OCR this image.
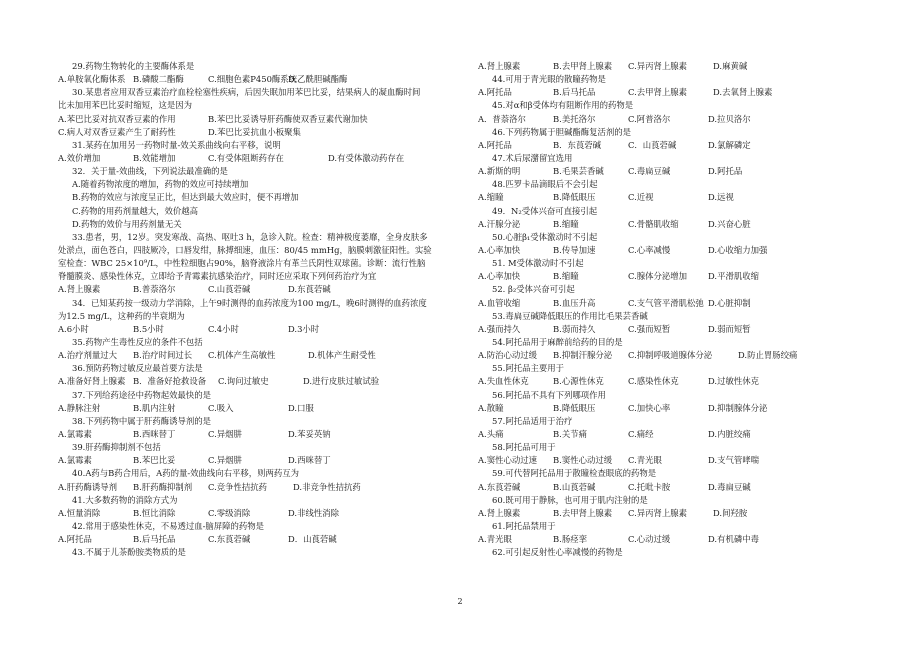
29.药物生物转化的主要酶体系是
A.单胺氧化酶体系 B.磷酸二酯酶	C.细胞色素P450酶系统
D.乙酰胆碱酯酶
30.某患者应用双香豆素治疗血栓栓塞性疾病，后因失眠加用苯巴比妥，结果病人的凝血酶时间
比未加用苯巴比妥时缩短，这是因为
A.苯巴比妥对抗双香豆素的作用	B.苯巴比妥诱导肝药酶使双香豆素代谢加快
C.病人对双香豆素产生了耐药性	D.苯巴比妥抗血小板聚集
31.某药在加用另一药物时量-效关系曲线向右平移，说明
A.效价增加	B.效能增加	C.有受体阻断药存在	D.有受体激动药存在
32．关于量-效曲线，下列说法最准确的是
A.随着药物浓度的增加，药物的效应可持续增加
B.药物的效应与浓度呈正比，但达到最大效应时，便不再增加
C.药物的用药剂量越大，效价越高
D.药物的效价与用药剂量无关
33.患者，男，12岁。突发寒战、高热、呕吐3 h，急诊入院。检查：精神极度萎靡，全身皮肤多
处淤点，面色苍白，四肢厥冷，口唇发绀，脉搏细速，血压：80/45 mmHg，脑膜刺激征阳性。实验
室检查：WBC 25×10⁹/L，中性粒细胞占90%，脑脊液涂片有革兰氏阴性双球菌。诊断：流行性脑
脊髓膜炎、感染性休克，立即给予青霉素抗感染治疗，同时还应采取下列何药治疗为宜
A.肾上腺素	B.普萘洛尔	C.山莨菪碱	D.东莨菪碱
34．已知某药按一级动力学消除，上午9时测得的血药浓度为100 mg/L，晚6时测得的血药浓度
为12.5 mg/L，这种药的半衰期为
A.6小时	B.5小时	C.4小时	D.3小时
35.药物产生毒性反应的条件不包括
A.治疗剂量过大	B.治疗时间过长	C.机体产生高敏性	D.机体产生耐受性
36.预防药物过敏反应最首要方法是
A.准备好肾上腺素 B．准备好抢救设备	C.询问过敏史	D.进行皮肤过敏试验
37.下列给药途径中药物起效最快的是
A.静脉注射	B.肌内注射	C.吸入	D.口服
38.下列药物中属于肝药酶诱导剂的是
A.氯霉素	B.西咪替丁	C.异烟肼	D.苯妥英钠
39.肝药酶抑制剂不包括
A.氯霉素	B.苯巴比妥	C.异烟肼	D.西咪替丁
40.A药与B药合用后，A药的量-效曲线向右平移，则两药互为
A.肝药酶诱导剂	B.肝药酶抑制剂	C.竞争性拮抗药	D.非竞争性拮抗药
41.大多数药物的消除方式为
A.恒量消除	B.恒比消除	C.零级消除	D.非线性消除
42.常用于感染性休克，不易透过血-脑屏障的药物是
A.阿托品	B.后马托品	C.东莨菪碱	D．山莨菪碱
43.不属于儿茶酚胺类物质的是
A.肾上腺素	B.去甲肾上腺素	C.异丙肾上腺素	D.麻黄碱
44.可用于青光眼的散瞳药物是
A.阿托品	B.后马托品	C.去甲肾上腺素	D.去氧肾上腺素
45.对α和β受体均有阻断作用的药物是
A．普萘洛尔	B.美托洛尔	C.阿普洛尔	D.拉贝洛尔
46.下列药物属于胆碱酯酶复活剂的是
A.阿托品	B．东莨菪碱	C．山莨菪碱	D.氯解磷定
47.术后尿潴留宜选用
A.新斯的明	B.毛果芸香碱	C.毒扁豆碱	D.阿托品
48.匹罗卡品滴眼后不会引起
A.缩瞳	B.降低眼压	C.近视	D.远视
49．N₂受体兴奋可直接引起
A.汗腺分泌	B.缩瞳	C.骨骼肌收缩	D.兴奋心脏
50.心脏β₁受体激动时不引起
A.心率加快	B.传导加速	C.心率减慢	D.心收缩力加强
51. M受体激动时不引起
A.心率加快	B.缩瞳	C.腺体分泌增加	D.平滑肌收缩
52. β₂受体兴奋可引起
A.血管收缩	B.血压升高	C.支气管平滑肌松弛 D.心脏抑制
53.毒扁豆碱降低眼压的作用比毛果芸香碱
A.强而持久	B.弱而持久	C.强而短暂	D.弱而短暂
54.阿托品用于麻醉前给药的目的是
A.防治心动过缓	B.抑制汗腺分泌	C.抑制呼吸道腺体分泌	D.防止胃肠绞痛
55.阿托品主要用于
A.失血性休克	B.心源性休克	C.感染性休克	D.过敏性休克
56.阿托品不具有下列哪项作用
A.散瞳	B.降低眼压	C.加快心率	D.抑制腺体分泌
57.阿托品适用于治疗
A.头痛	B.关节痛	C.痛经	D.内脏绞痛
58.阿托品可用于
A.窦性心动过速	B.窦性心动过缓	C.青光眼	D.支气管哮喘
59.可代替阿托品用于散瞳检查眼底的药物是
A.东莨菪碱	B.山莨菪碱	C.托吡卡胺	D.毒扁豆碱
60.既可用于静脉，也可用于肌内注射的是
A.肾上腺素	B.去甲肾上腺素	C.异丙肾上腺素	D.间羟胺
61.阿托品禁用于
A.青光眼	B.肠痉挛	C.心动过缓	D.有机磷中毒
62.可引起反射性心率减慢的药物是
2
